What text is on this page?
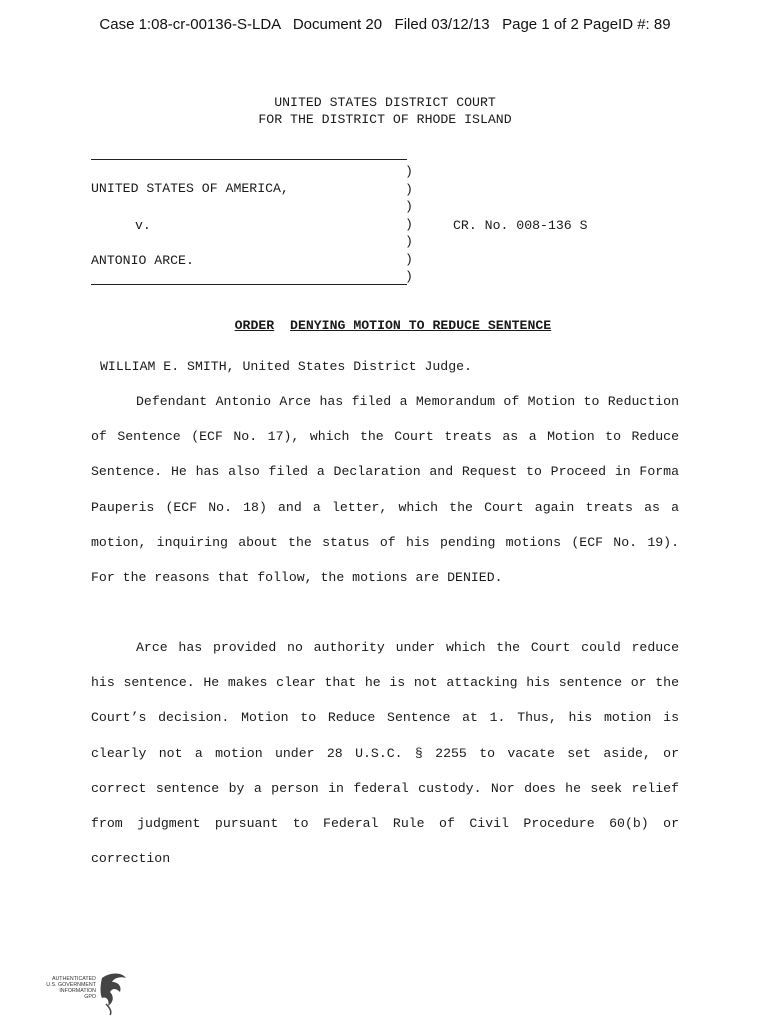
Case 1:08-cr-00136-S-LDA   Document 20   Filed 03/12/13   Page 1 of 2 PageID #: 89
UNITED STATES DISTRICT COURT
FOR THE DISTRICT OF RHODE ISLAND
)
)
)
)
)
)
)
UNITED STATES OF AMERICA,
v.	CR. No. 008-136 S
ANTONIO ARCE.

ORDER DENYING MOTION TO REDUCE SENTENCE

WILLIAM E. SMITH, United States District Judge.

Defendant Antonio Arce has filed a Memorandum of Motion to Reduction of Sentence (ECF No. 17), which the Court treats as a Motion to Reduce Sentence. He has also filed a Declaration and Request to Proceed in Forma Pauperis (ECF No. 18) and a letter, which the Court again treats as a motion, inquiring about the status of his pending motions (ECF No. 19). For the reasons that follow, the motions are DENIED.

Arce has provided no authority under which the Court could reduce his sentence. He makes clear that he is not attacking his sentence or the Court’s decision. Motion to Reduce Sentence at 1. Thus, his motion is clearly not a motion under 28 U.S.C. § 2255 to vacate set aside, or correct sentence by a person in federal custody. Nor does he seek relief from judgment pursuant to Federal Rule of Civil Procedure 60(b) or correction

AUTHENTICATED
U.S. GOVERNMENT
INFORMATION
GPO
